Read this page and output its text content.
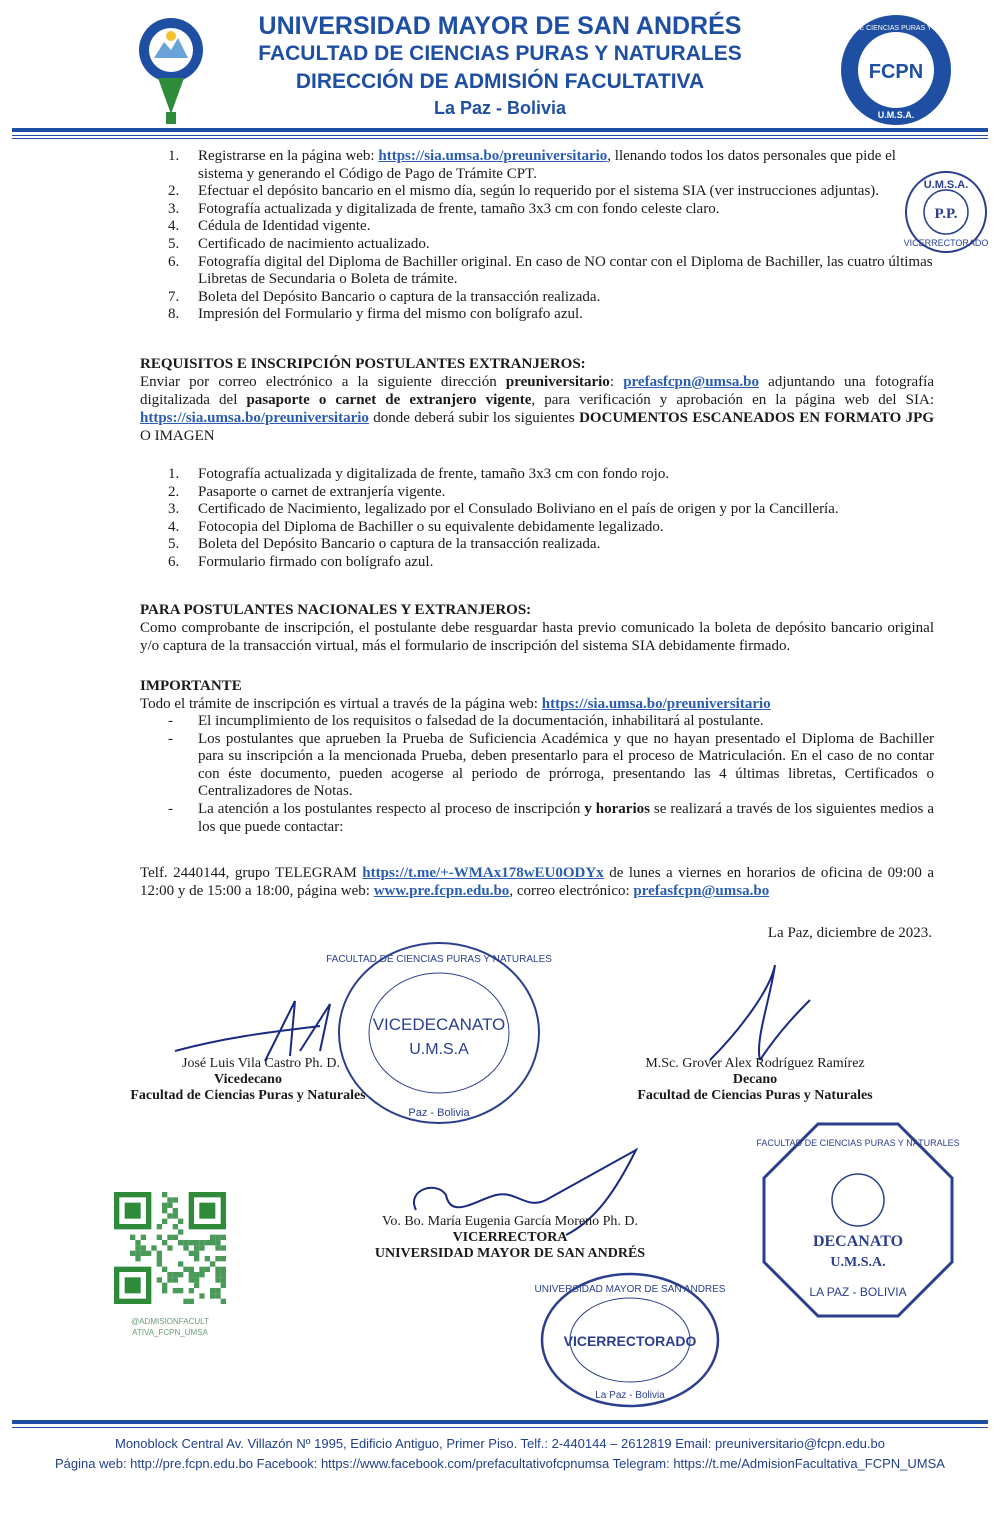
UNIVERSIDAD MAYOR DE SAN ANDRÉS
FACULTAD DE CIENCIAS PURAS Y NATURALES
DIRECCIÓN DE ADMISIÓN FACULTATIVA
La Paz - Bolivia
FCPN
U.M.S.A.
FACULTAD DE CIENCIAS PURAS Y NATURALES
1. Registrarse en la página web: https://sia.umsa.bo/preuniversitario, llenando todos los datos personales que pide el sistema y generando el Código de Pago de Trámite CPT.
2. Efectuar el depósito bancario en el mismo día, según lo requerido por el sistema SIA (ver instrucciones adjuntas).
3. Fotografía actualizada y digitalizada de frente, tamaño 3x3 cm con fondo celeste claro.
4. Cédula de Identidad vigente.
5. Certificado de nacimiento actualizado.
6. Fotografía digital del Diploma de Bachiller original. En caso de NO contar con el Diploma de Bachiller, las cuatro últimas Libretas de Secundaria o Boleta de trámite.
7. Boleta del Depósito Bancario o captura de la transacción realizada.
8. Impresión del Formulario y firma del mismo con bolígrafo azul.
U.M.S.A.
P.P.
VICERRECTORADO
REQUISITOS E INSCRIPCIÓN POSTULANTES EXTRANJEROS:
Enviar por correo electrónico a la siguiente dirección preuniversitario: prefasfcpn@umsa.bo adjuntando una fotografía digitalizada del pasaporte o carnet de extranjero vigente, para verificación y aprobación en la página web del SIA: https://sia.umsa.bo/preuniversitario donde deberá subir los siguientes DOCUMENTOS ESCANEADOS EN FORMATO JPG O IMAGEN
1. Fotografía actualizada y digitalizada de frente, tamaño 3x3 cm con fondo rojo.
2. Pasaporte o carnet de extranjería vigente.
3. Certificado de Nacimiento, legalizado por el Consulado Boliviano en el país de origen y por la Cancillería.
4. Fotocopia del Diploma de Bachiller o su equivalente debidamente legalizado.
5. Boleta del Depósito Bancario o captura de la transacción realizada.
6. Formulario firmado con bolígrafo azul.
PARA POSTULANTES NACIONALES Y EXTRANJEROS:
Como comprobante de inscripción, el postulante debe resguardar hasta previo comunicado la boleta de depósito bancario original y/o captura de la transacción virtual, más el formulario de inscripción del sistema SIA debidamente firmado.
IMPORTANTE
Todo el trámite de inscripción es virtual a través de la página web: https://sia.umsa.bo/preuniversitario
- El incumplimiento de los requisitos o falsedad de la documentación, inhabilitará al postulante.
- Los postulantes que aprueben la Prueba de Suficiencia Académica y que no hayan presentado el Diploma de Bachiller para su inscripción a la mencionada Prueba, deben presentarlo para el proceso de Matriculación. En el caso de no contar con éste documento, pueden acogerse al periodo de prórroga, presentando las 4 últimas libretas, Certificados o Centralizadores de Notas.
- La atención a los postulantes respecto al proceso de inscripción y horarios se realizará a través de los siguientes medios a los que puede contactar:
Telf. 2440144, grupo TELEGRAM https://t.me/+-WMAx178wEU0ODYx de lunes a viernes en horarios de oficina de 09:00 a 12:00 y de 15:00 a 18:00, página web: www.pre.fcpn.edu.bo, correo electrónico: prefasfcpn@umsa.bo
La Paz, diciembre de 2023.
FACULTAD DE CIENCIAS PURAS Y NATURALES
VICEDECANATO
U.M.S.A
Paz - Bolivia
José Luis Vila Castro Ph. D.
Vicedecano
Facultad de Ciencias Puras y Naturales
M.Sc. Grover Alex Rodríguez Ramírez
Decano
Facultad de Ciencias Puras y Naturales
FACULTAD DE CIENCIAS PURAS Y NATURALES
DECANATO
U.M.S.A.
LA PAZ - BOLIVIA
@ADMISIONFACULT
ATIVA_FCPN_UMSA
Vo. Bo. María Eugenia García Moreno Ph. D.
VICERRECTORA
UNIVERSIDAD MAYOR DE SAN ANDRÉS
UNIVERSIDAD MAYOR DE SAN ANDRES
VICERRECTORADO
La Paz - Bolivia
Monoblock Central Av. Villazón Nº 1995, Edificio Antiguo, Primer Piso. Telf.: 2-440144 – 2612819 Email: preuniversitario@fcpn.edu.bo
Página web: http://pre.fcpn.edu.bo Facebook: https://www.facebook.com/prefacultativofcpnumsa Telegram: https://t.me/AdmisionFacultativa_FCPN_UMSA
